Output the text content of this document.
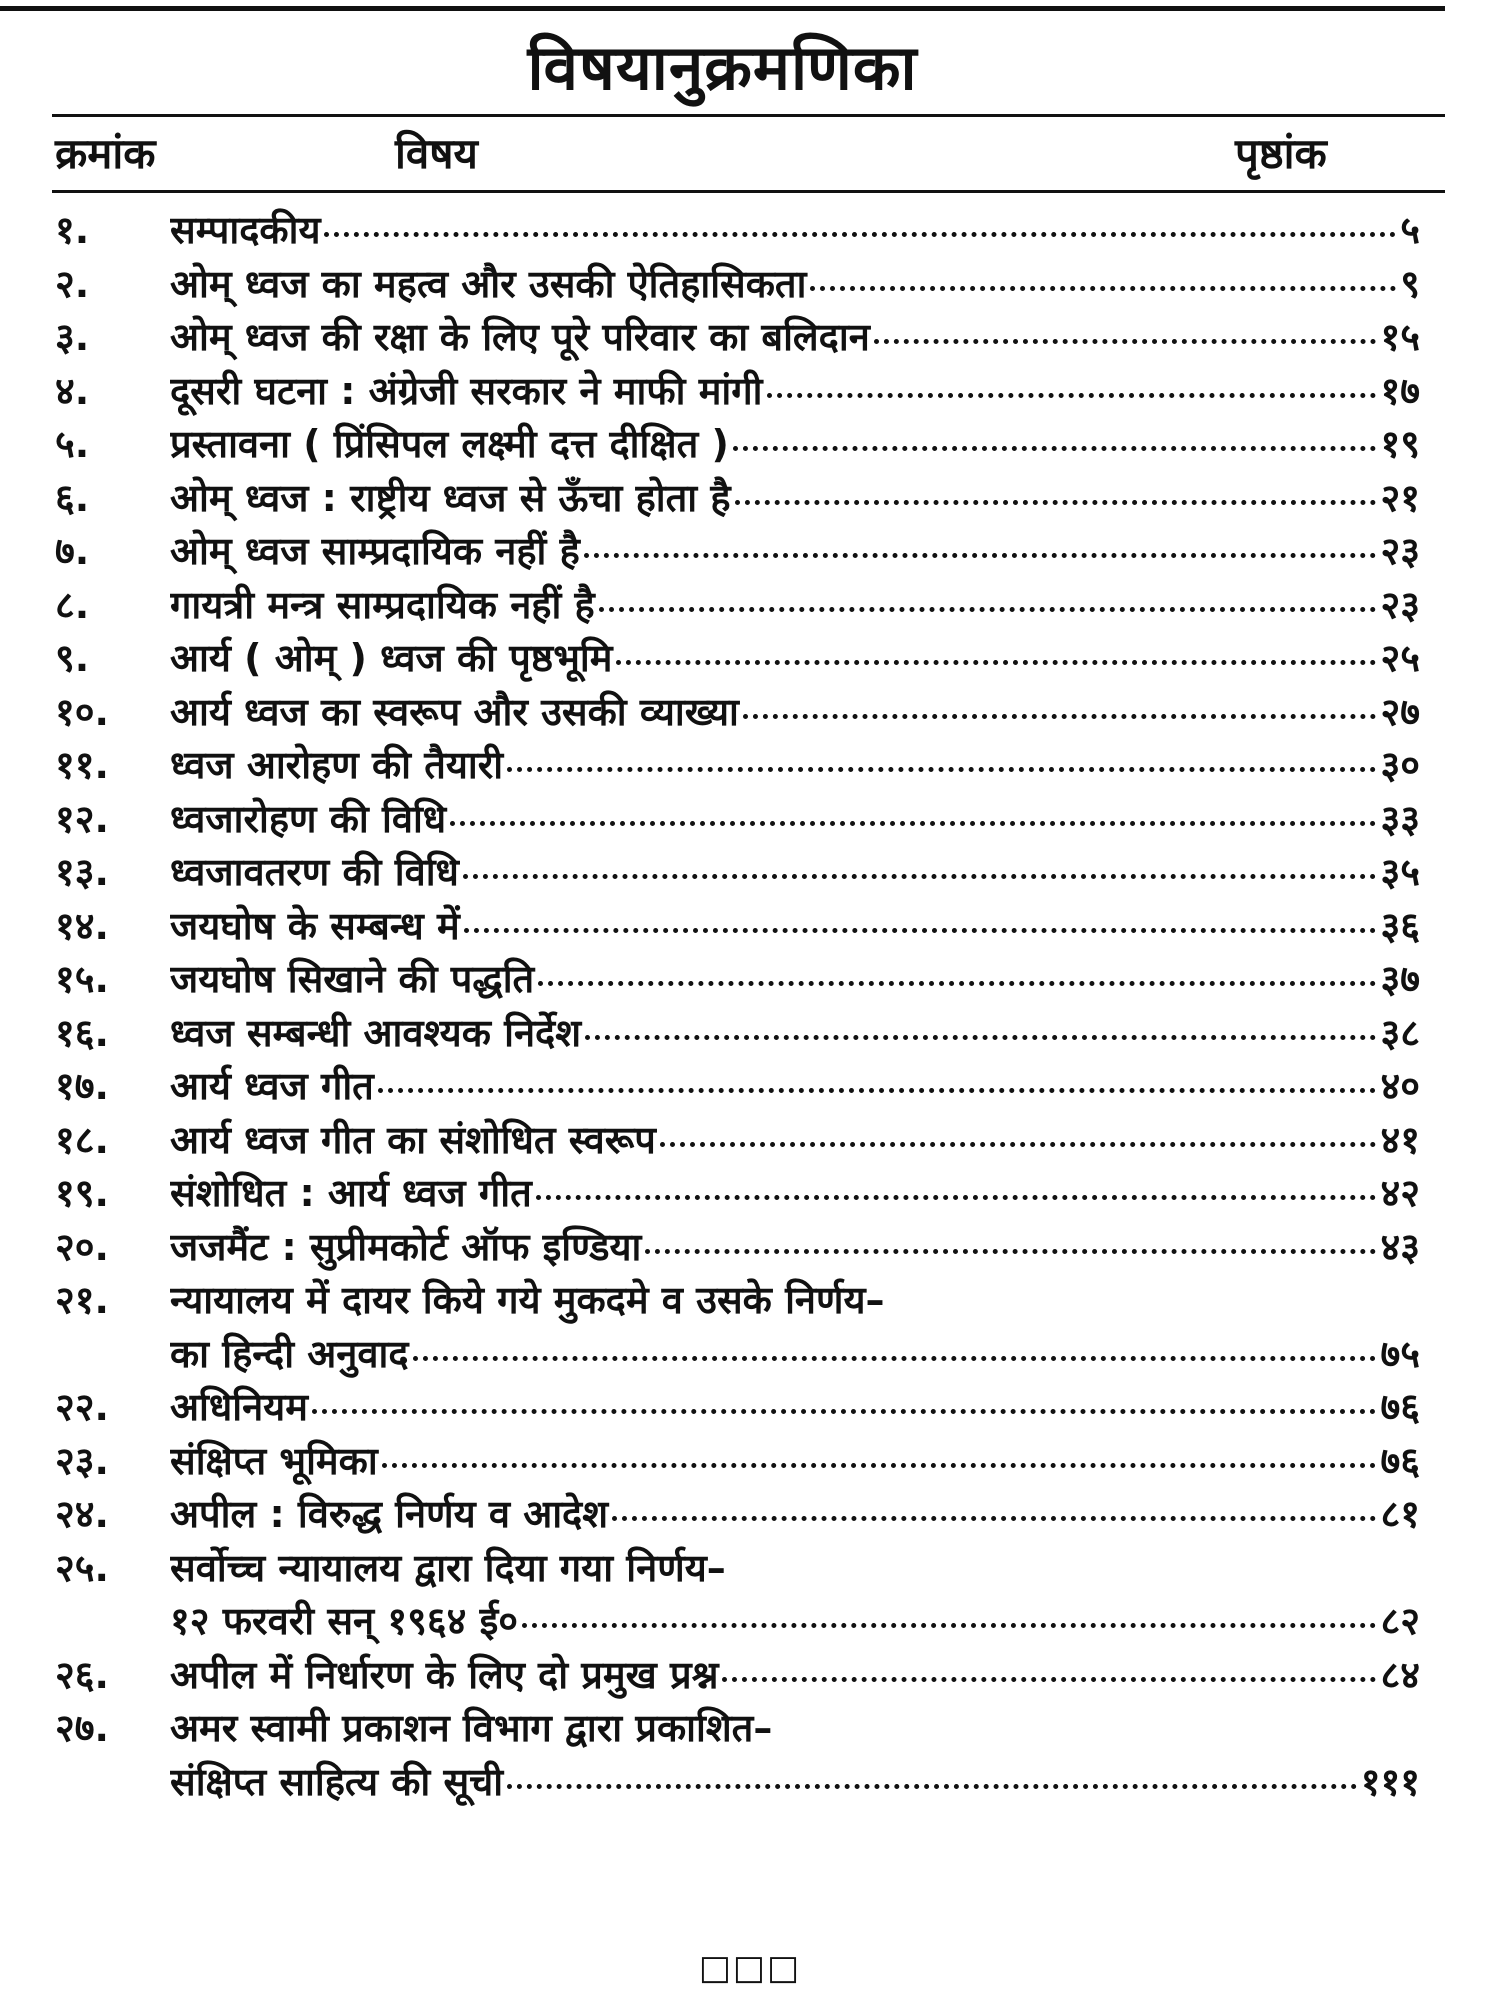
विषयानुक्रमणिका
क्रमांक	विषय	पृष्ठांक
१. सम्पादकीय	५
२. ओम् ध्वज का महत्व और उसकी ऐतिहासिकता	९
३. ओम् ध्वज की रक्षा के लिए पूरे परिवार का बलिदान	१५
४. दूसरी घटना : अंग्रेजी सरकार ने माफी मांगी	१७
५. प्रस्तावना ( प्रिंसिपल लक्ष्मी दत्त दीक्षित )	१९
६. ओम् ध्वज : राष्ट्रीय ध्वज से ऊँचा होता है	२१
७. ओम् ध्वज साम्प्रदायिक नहीं है	२३
८. गायत्री मन्त्र साम्प्रदायिक नहीं है	२३
९. आर्य ( ओम् ) ध्वज की पृष्ठभूमि	२५
१०. आर्य ध्वज का स्वरूप और उसकी व्याख्या	२७
११. ध्वज आरोहण की तैयारी	३०
१२. ध्वजारोहण की विधि	३३
१३. ध्वजावतरण की विधि	३५
१४. जयघोष के सम्बन्ध में	३६
१५. जयघोष सिखाने की पद्धति	३७
१६. ध्वज सम्बन्धी आवश्यक निर्देश	३८
१७. आर्य ध्वज गीत	४०
१८. आर्य ध्वज गीत का संशोधित स्वरूप	४१
१९. संशोधित : आर्य ध्वज गीत	४२
२०. जजमैंट : सुप्रीमकोर्ट ऑफ इण्डिया	४३
२१. न्यायालय में दायर किये गये मुकदमे व उसके निर्णय–
का हिन्दी अनुवाद	७५
२२. अधिनियम	७६
२३. संक्षिप्त भूमिका	७६
२४. अपील : विरुद्ध निर्णय व आदेश	८१
२५. सर्वोच्च न्यायालय द्वारा दिया गया निर्णय–
१२ फरवरी सन् १९६४ ई०	८२
२६. अपील में निर्धारण के लिए दो प्रमुख प्रश्न	८४
२७. अमर स्वामी प्रकाशन विभाग द्वारा प्रकाशित–
संक्षिप्त साहित्य की सूची	१११
□□□
